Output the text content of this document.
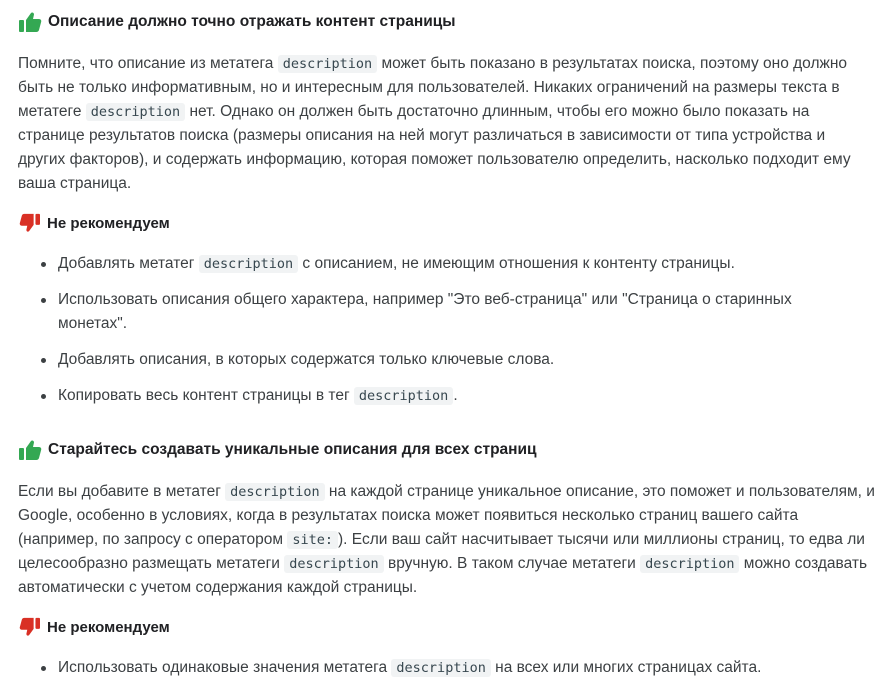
Описание должно точно отражать контент страницы

Помните, что описание из метатега description может быть показано в результатах поиска, поэтому оно должно быть не только информативным, но и интересным для пользователей. Никаких ограничений на размеры текста в метатеге description нет. Однако он должен быть достаточно длинным, чтобы его можно было показать на странице результатов поиска (размеры описания на ней могут различаться в зависимости от типа устройства и других факторов), и содержать информацию, которая поможет пользователю определить, насколько подходит ему ваша страница.

Не рекомендуем
Добавлять метатег description с описанием, не имеющим отношения к контенту страницы.
Использовать описания общего характера, например "Это веб-страница" или "Страница о старинных монетах".
Добавлять описания, в которых содержатся только ключевые слова.
Копировать весь контент страницы в тег description .
Старайтесь создавать уникальные описания для всех страниц

Если вы добавите в метатег description на каждой странице уникальное описание, это поможет и пользователям, и Google, особенно в условиях, когда в результатах поиска может появиться несколько страниц вашего сайта (например, по запросу с оператором site: ). Если ваш сайт насчитывает тысячи или миллионы страниц, то едва ли целесообразно размещать метатеги description вручную. В таком случае метатеги description можно создавать автоматически с учетом содержания каждой страницы.

Не рекомендуем
Использовать одинаковые значения метатега description на всех или многих страницах сайта.
